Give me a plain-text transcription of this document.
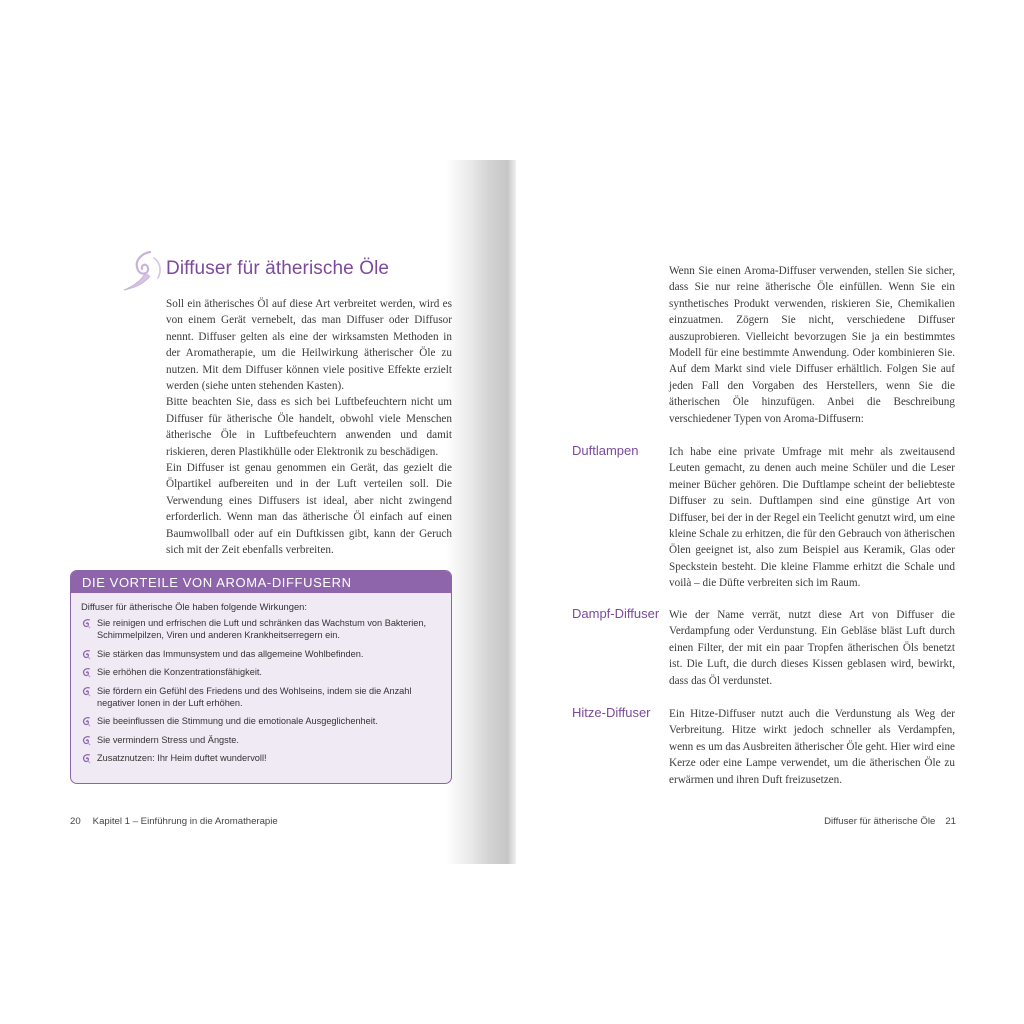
Diffuser für ätherische Öle

Soll ein ätherisches Öl auf diese Art verbreitet werden, wird es von einem Gerät vernebelt, das man Diffuser oder Diffusor nennt. Diffuser gelten als eine der wirksamsten Methoden in der Aromatherapie, um die Heilwirkung ätherischer Öle zu nutzen. Mit dem Diffuser können viele positive Effekte erzielt werden (siehe unten stehenden Kasten).

Bitte beachten Sie, dass es sich bei Luftbefeuchtern nicht um Diffuser für ätherische Öle handelt, obwohl viele Menschen ätherische Öle in Luftbefeuchtern anwenden und damit riskieren, deren Plastikhülle oder Elektronik zu beschädigen.

Ein Diffuser ist genau genommen ein Gerät, das gezielt die Ölpartikel aufbereiten und in der Luft verteilen soll. Die Verwendung eines Diffusers ist ideal, aber nicht zwingend erforderlich. Wenn man das ätherische Öl einfach auf einen Baumwollball oder auf ein Duftkissen gibt, kann der Geruch sich mit der Zeit ebenfalls verbreiten.

DIE VORTEILE VON AROMA-DIFFUSERN
Diffuser für ätherische Öle haben folgende Wirkungen:
Sie reinigen und erfrischen die Luft und schränken das Wachstum von Bakterien, Schimmelpilzen, Viren und anderen Krankheitserregern ein.
Sie stärken das Immunsystem und das allgemeine Wohlbefinden.
Sie erhöhen die Konzentrationsfähigkeit.
Sie fördern ein Gefühl des Friedens und des Wohlseins, indem sie die Anzahl negativer Ionen in der Luft erhöhen.
Sie beeinflussen die Stimmung und die emotionale Ausgeglichenheit.
Sie vermindern Stress und Ängste.
Zusatznutzen: Ihr Heim duftet wundervoll!
20 Kapitel 1 – Einführung in die Aromatherapie

Wenn Sie einen Aroma-Diffuser verwenden, stellen Sie sicher, dass Sie nur reine ätherische Öle einfüllen. Wenn Sie ein synthetisches Produkt verwenden, riskieren Sie, Chemikalien einzuatmen. Zögern Sie nicht, verschiedene Diffuser auszuprobieren. Vielleicht bevorzugen Sie ja ein bestimmtes Modell für eine bestimmte Anwendung. Oder kombinieren Sie. Auf dem Markt sind viele Diffuser erhältlich. Folgen Sie auf jeden Fall den Vorgaben des Herstellers, wenn Sie die ätherischen Öle hinzufügen. Anbei die Beschreibung verschiedener Typen von Aroma-Diffusern:

Duftlampen	Ich habe eine private Umfrage mit mehr als zweitausend Leuten gemacht, zu denen auch meine Schüler und die Leser meiner Bücher gehören. Die Duftlampe scheint der beliebteste Diffuser zu sein. Duftlampen sind eine günstige Art von Diffuser, bei der in der Regel ein Teelicht genutzt wird, um eine kleine Schale zu erhitzen, die für den Gebrauch von ätherischen Ölen geeignet ist, also zum Beispiel aus Keramik, Glas oder Speckstein besteht. Die kleine Flamme erhitzt die Schale und voilà – die Düfte verbreiten sich im Raum.

Dampf-Diffuser Wie der Name verrät, nutzt diese Art von Diffuser die Verdampfung oder Verdunstung. Ein Gebläse bläst Luft durch einen Filter, der mit ein paar Tropfen ätherischen Öls benetzt ist. Die Luft, die durch dieses Kissen geblasen wird, bewirkt, dass das Öl verdunstet.

Hitze-Diffuser	Ein Hitze-Diffuser nutzt auch die Verdunstung als Weg der Verbreitung. Hitze wirkt jedoch schneller als Verdampfen, wenn es um das Ausbreiten ätherischer Öle geht. Hier wird eine Kerze oder eine Lampe verwendet, um die ätherischen Öle zu erwärmen und ihren Duft freizusetzen.

Diffuser für ätherische Öle 21
